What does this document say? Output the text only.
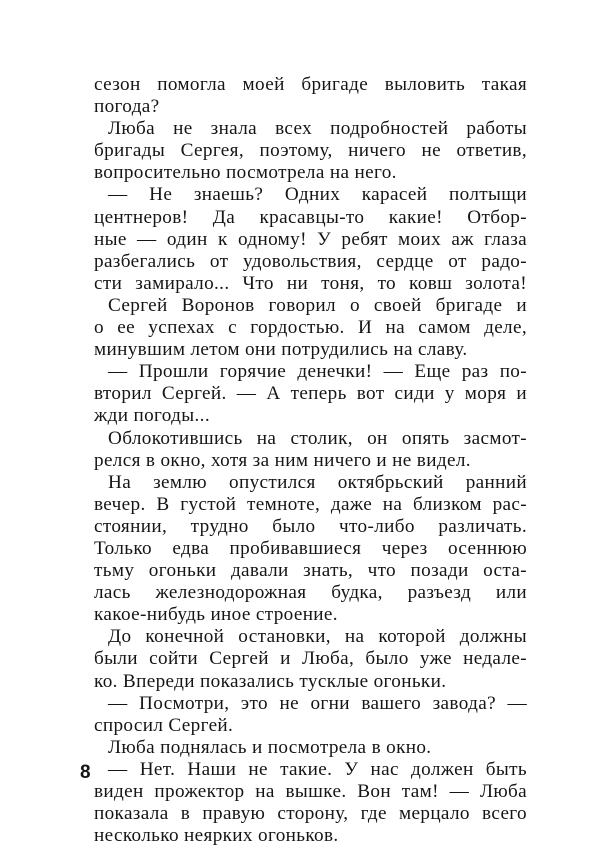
сезон помогла моей бригаде выловить такая
погода?
Люба не знала всех подробностей работы
бригады Сергея, поэтому, ничего не ответив,
вопросительно посмотрела на него.
— Не знаешь? Одних карасей полтыщи
центнеров! Да красавцы-то какие! Отбор-
ные — один к одному! У ребят моих аж глаза
разбегались от удовольствия, сердце от радо-
сти замирало... Что ни тоня, то ковш золота!
Сергей Воронов говорил о своей бригаде и
о ее успехах с гордостью. И на самом деле,
минувшим летом они потрудились на славу.
— Прошли горячие денечки! — Еще раз по-
вторил Сергей. — А теперь вот сиди у моря и
жди погоды...
Облокотившись на столик, он опять засмот-
релся в окно, хотя за ним ничего и не видел.
На землю опустился октябрьский ранний
вечер. В густой темноте, даже на близком рас-
стоянии, трудно было что-либо различать.
Только едва пробивавшиеся через осеннюю
тьму огоньки давали знать, что позади оста-
лась железнодорожная будка, разъезд или
какое-нибудь иное строение.
До конечной остановки, на которой должны
были сойти Сергей и Люба, было уже недале-
ко. Впереди показались тусклые огоньки.
— Посмотри, это не огни вашего завода? —
спросил Сергей.
Люба поднялась и посмотрела в окно.
— Нет. Наши не такие. У нас должен быть
виден прожектор на вышке. Вон там! — Люба
показала в правую сторону, где мерцало всего
несколько неярких огоньков.
8
